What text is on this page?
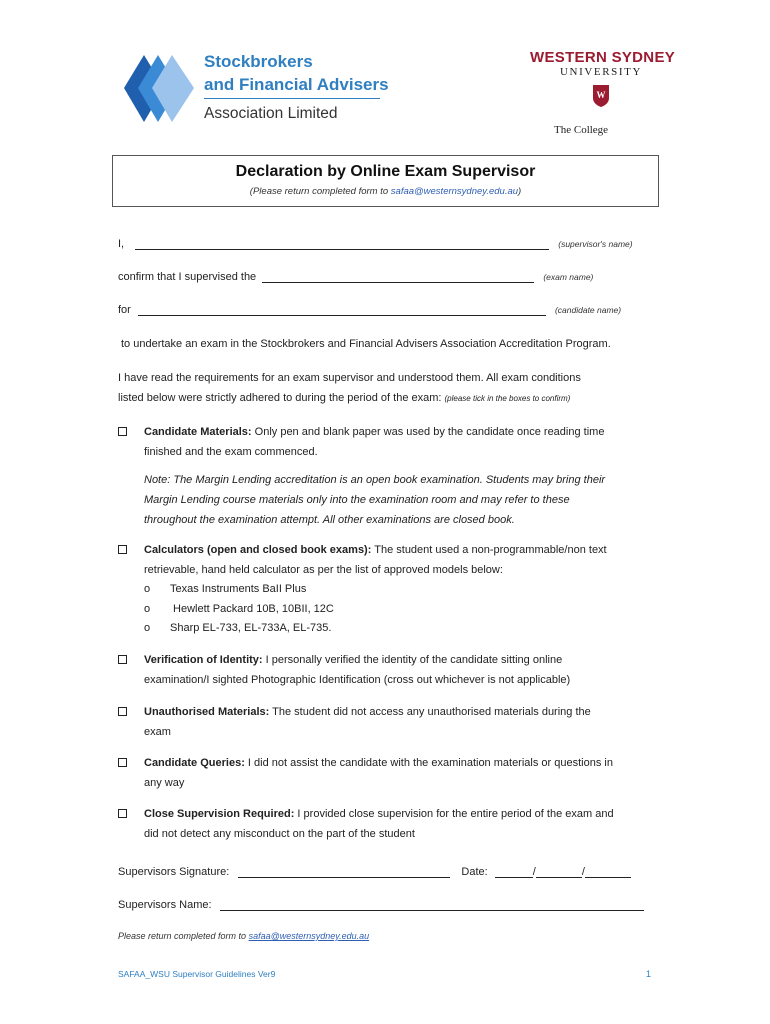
Stockbrokers
and Financial Advisers
Association Limited
WESTERN SYDNEY
UNIVERSITY
W
The College
Declaration by Online Exam Supervisor
(Please return completed form to safaa@westernsydney.edu.au)
I,	(supervisor's name)
confirm that I supervised the	(exam name)
for	(candidate name)
to undertake an exam in the Stockbrokers and Financial Advisers Association Accreditation Program.
I have read the requirements for an exam supervisor and understood them. All exam conditions
listed below were strictly adhered to during the period of the exam: (please tick in the boxes to confirm)
Candidate Materials: Only pen and blank paper was used by the candidate once reading time
finished and the exam commenced.
Note: The Margin Lending accreditation is an open book examination. Students may bring their
Margin Lending course materials only into the examination room and may refer to these
throughout the examination attempt. All other examinations are closed book.
Calculators (open and closed book exams): The student used a non-programmable/non text
retrievable, hand held calculator as per the list of approved models below:
o Texas Instruments BaII Plus
o Hewlett Packard 10B, 10BII, 12C
o Sharp EL-733, EL-733A, EL-735.
Verification of Identity: I personally verified the identity of the candidate sitting online
examination/I sighted Photographic Identification (cross out whichever is not applicable)
Unauthorised Materials: The student did not access any unauthorised materials during the
exam
Candidate Queries: I did not assist the candidate with the examination materials or questions in
any way
Close Supervision Required: I provided close supervision for the entire period of the exam and
did not detect any misconduct on the part of the student
Supervisors Signature:	Date:	/	/
Supervisors Name:
Please return completed form to safaa@westernsydney.edu.au
SAFAA_WSU Supervisor Guidelines Ver9	1
